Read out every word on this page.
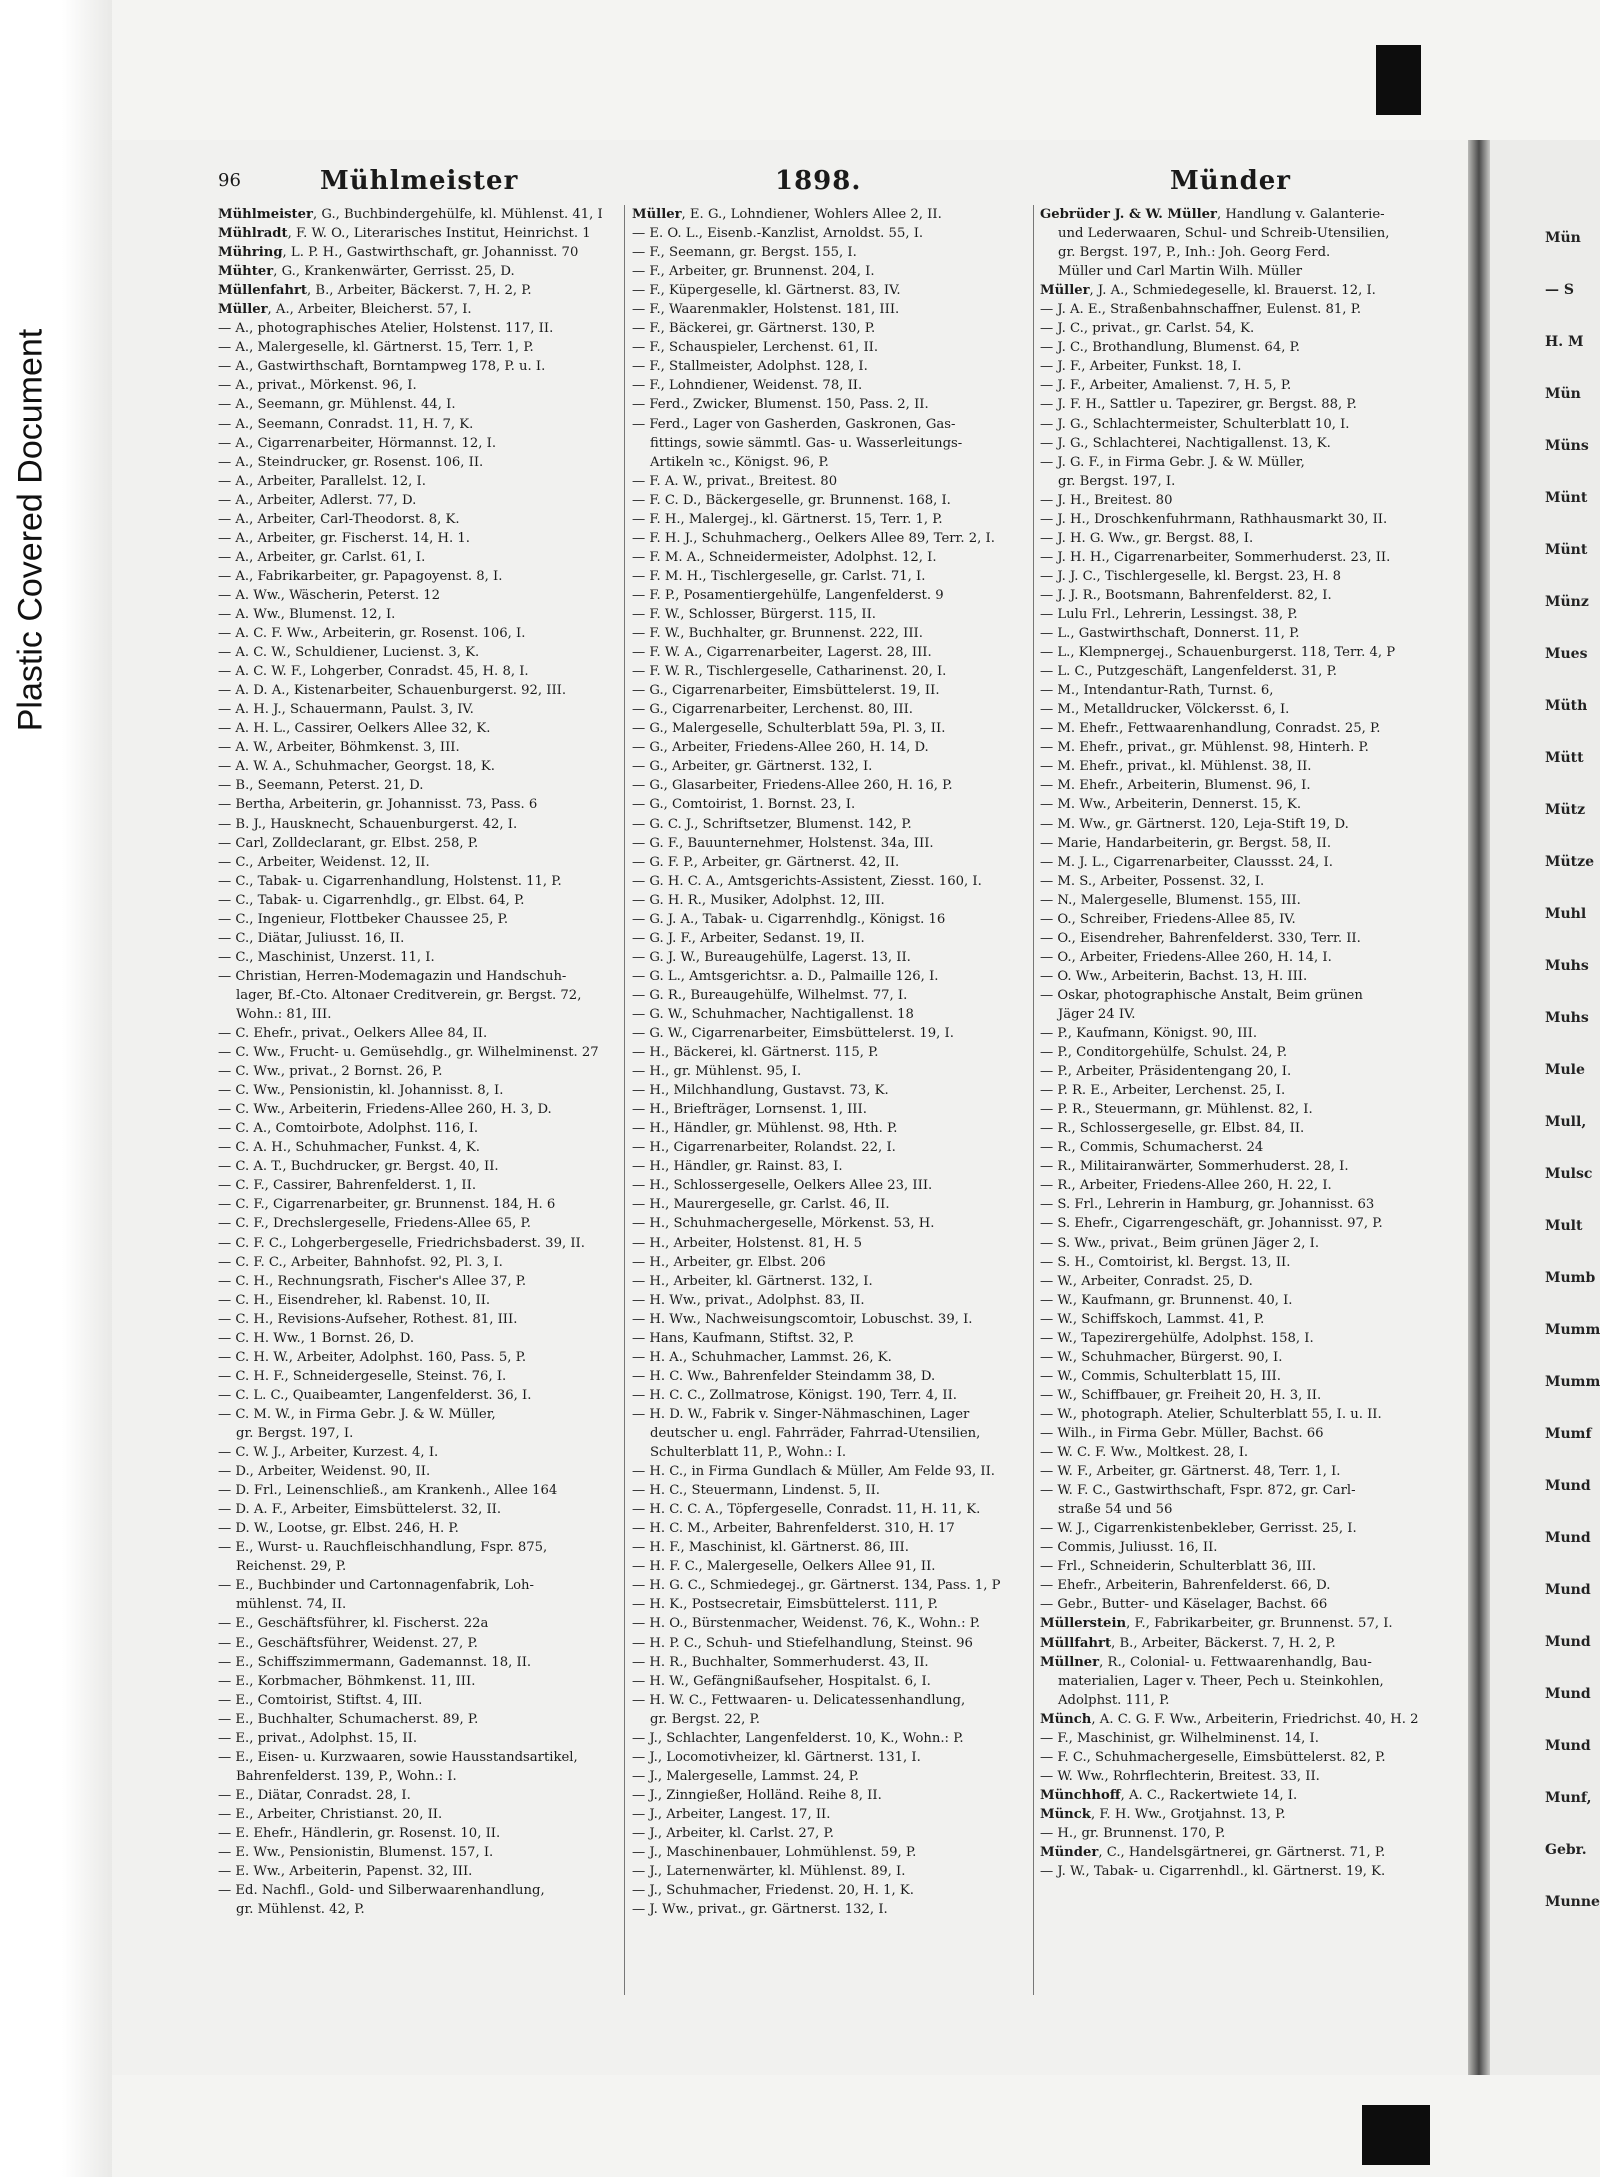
Plastic Covered Document
96	Mühlmeister	1898.	Münder
Mühlmeister, G., Buchbindergehülfe, kl. Mühlenst. 41, I
Mühlradt, F. W. O., Literarisches Institut, Heinrichst. 1
Mühring, L. P. H., Gastwirthschaft, gr. Johannisst. 70
Mühter, G., Krankenwärter, Gerrisst. 25, D.
Müllenfahrt, B., Arbeiter, Bäckerst. 7, H. 2, P.
Müller, A., Arbeiter, Bleicherst. 57, I.
— A., photographisches Atelier, Holstenst. 117, II.
— A., Malergeselle, kl. Gärtnerst. 15, Terr. 1, P.
— A., Gastwirthschaft, Borntampweg 178, P. u. I.
— A., privat., Mörkenst. 96, I.
— A., Seemann, gr. Mühlenst. 44, I.
— A., Seemann, Conradst. 11, H. 7, K.
— A., Cigarrenarbeiter, Hörmannst. 12, I.
— A., Steindrucker, gr. Rosenst. 106, II.
— A., Arbeiter, Parallelst. 12, I.
— A., Arbeiter, Adlerst. 77, D.
— A., Arbeiter, Carl-Theodorst. 8, K.
— A., Arbeiter, gr. Fischerst. 14, H. 1.
— A., Arbeiter, gr. Carlst. 61, I.
— A., Fabrikarbeiter, gr. Papagoyenst. 8, I.
— A. Ww., Wäscherin, Peterst. 12
— A. Ww., Blumenst. 12, I.
— A. C. F. Ww., Arbeiterin, gr. Rosenst. 106, I.
— A. C. W., Schuldiener, Lucienst. 3, K.
— A. C. W. F., Lohgerber, Conradst. 45, H. 8, I.
— A. D. A., Kistenarbeiter, Schauenburgerst. 92, III.
— A. H. J., Schauermann, Paulst. 3, IV.
— A. H. L., Cassirer, Oelkers Allee 32, K.
— A. W., Arbeiter, Böhmkenst. 3, III.
— A. W. A., Schuhmacher, Georgst. 18, K.
— B., Seemann, Peterst. 21, D.
— Bertha, Arbeiterin, gr. Johannisst. 73, Pass. 6
— B. J., Hausknecht, Schauenburgerst. 42, I.
— Carl, Zolldeclarant, gr. Elbst. 258, P.
— C., Arbeiter, Weidenst. 12, II.
— C., Tabak- u. Cigarrenhandlung, Holstenst. 11, P.
— C., Tabak- u. Cigarrenhdlg., gr. Elbst. 64, P.
— C., Ingenieur, Flottbeker Chaussee 25, P.
— C., Diätar, Juliusst. 16, II.
— C., Maschinist, Unzerst. 11, I.
— Christian, Herren-Modemagazin und Handschuh-
lager, Bf.-Cto. Altonaer Creditverein, gr. Bergst. 72,
Wohn.: 81, III.
— C. Ehefr., privat., Oelkers Allee 84, II.
— C. Ww., Frucht- u. Gemüsehdlg., gr. Wilhelminenst. 27
— C. Ww., privat., 2 Bornst. 26, P.
— C. Ww., Pensionistin, kl. Johannisst. 8, I.
— C. Ww., Arbeiterin, Friedens-Allee 260, H. 3, D.
— C. A., Comtoirbote, Adolphst. 116, I.
— C. A. H., Schuhmacher, Funkst. 4, K.
— C. A. T., Buchdrucker, gr. Bergst. 40, II.
— C. F., Cassirer, Bahrenfelderst. 1, II.
— C. F., Cigarrenarbeiter, gr. Brunnenst. 184, H. 6
— C. F., Drechslergeselle, Friedens-Allee 65, P.
— C. F. C., Lohgerbergeselle, Friedrichsbaderst. 39, II.
— C. F. C., Arbeiter, Bahnhofst. 92, Pl. 3, I.
— C. H., Rechnungsrath, Fischer's Allee 37, P.
— C. H., Eisendreher, kl. Rabenst. 10, II.
— C. H., Revisions-Aufseher, Rothest. 81, III.
— C. H. Ww., 1 Bornst. 26, D.
— C. H. W., Arbeiter, Adolphst. 160, Pass. 5, P.
— C. H. F., Schneidergeselle, Steinst. 76, I.
— C. L. C., Quaibeamter, Langenfelderst. 36, I.
— C. M. W., in Firma Gebr. J. & W. Müller,
gr. Bergst. 197, I.
— C. W. J., Arbeiter, Kurzest. 4, I.
— D., Arbeiter, Weidenst. 90, II.
— D. Frl., Leinenschließ., am Krankenh., Allee 164
— D. A. F., Arbeiter, Eimsbüttelerst. 32, II.
— D. W., Lootse, gr. Elbst. 246, H. P.
— E., Wurst- u. Rauchfleischhandlung, Fspr. 875,
Reichenst. 29, P.
— E., Buchbinder und Cartonnagenfabrik, Loh-
mühlenst. 74, II.
— E., Geschäftsführer, kl. Fischerst. 22a
— E., Geschäftsführer, Weidenst. 27, P.
— E., Schiffszimmermann, Gademannst. 18, II.
— E., Korbmacher, Böhmkenst. 11, III.
— E., Comtoirist, Stiftst. 4, III.
— E., Buchhalter, Schumacherst. 89, P.
— E., privat., Adolphst. 15, II.
— E., Eisen- u. Kurzwaaren, sowie Hausstandsartikel,
Bahrenfelderst. 139, P., Wohn.: I.
— E., Diätar, Conradst. 28, I.
— E., Arbeiter, Christianst. 20, II.
— E. Ehefr., Händlerin, gr. Rosenst. 10, II.
— E. Ww., Pensionistin, Blumenst. 157, I.
— E. Ww., Arbeiterin, Papenst. 32, III.
— Ed. Nachfl., Gold- und Silberwaarenhandlung,
gr. Mühlenst. 42, P.
Müller, E. G., Lohndiener, Wohlers Allee 2, II.
— E. O. L., Eisenb.-Kanzlist, Arnoldst. 55, I.
— F., Seemann, gr. Bergst. 155, I.
— F., Arbeiter, gr. Brunnenst. 204, I.
— F., Küpergeselle, kl. Gärtnerst. 83, IV.
— F., Waarenmakler, Holstenst. 181, III.
— F., Bäckerei, gr. Gärtnerst. 130, P.
— F., Schauspieler, Lerchenst. 61, II.
— F., Stallmeister, Adolphst. 128, I.
— F., Lohndiener, Weidenst. 78, II.
— Ferd., Zwicker, Blumenst. 150, Pass. 2, II.
— Ferd., Lager von Gasherden, Gaskronen, Gas-
fittings, sowie sämmtl. Gas- u. Wasserleitungs-
Artikeln ꝛc., Königst. 96, P.
— F. A. W., privat., Breitest. 80
— F. C. D., Bäckergeselle, gr. Brunnenst. 168, I.
— F. H., Malergej., kl. Gärtnerst. 15, Terr. 1, P.
— F. H. J., Schuhmacherg., Oelkers Allee 89, Terr. 2, I.
— F. M. A., Schneidermeister, Adolphst. 12, I.
— F. M. H., Tischlergeselle, gr. Carlst. 71, I.
— F. P., Posamentiergehülfe, Langenfelderst. 9
— F. W., Schlosser, Bürgerst. 115, II.
— F. W., Buchhalter, gr. Brunnenst. 222, III.
— F. W. A., Cigarrenarbeiter, Lagerst. 28, III.
— F. W. R., Tischlergeselle, Catharinenst. 20, I.
— G., Cigarrenarbeiter, Eimsbüttelerst. 19, II.
— G., Cigarrenarbeiter, Lerchenst. 80, III.
— G., Malergeselle, Schulterblatt 59a, Pl. 3, II.
— G., Arbeiter, Friedens-Allee 260, H. 14, D.
— G., Arbeiter, gr. Gärtnerst. 132, I.
— G., Glasarbeiter, Friedens-Allee 260, H. 16, P.
— G., Comtoirist, 1. Bornst. 23, I.
— G. C. J., Schriftsetzer, Blumenst. 142, P.
— G. F., Bauunternehmer, Holstenst. 34a, III.
— G. F. P., Arbeiter, gr. Gärtnerst. 42, II.
— G. H. C. A., Amtsgerichts-Assistent, Ziesst. 160, I.
— G. H. R., Musiker, Adolphst. 12, III.
— G. J. A., Tabak- u. Cigarrenhdlg., Königst. 16
— G. J. F., Arbeiter, Sedanst. 19, II.
— G. J. W., Bureaugehülfe, Lagerst. 13, II.
— G. L., Amtsgerichtsr. a. D., Palmaille 126, I.
— G. R., Bureaugehülfe, Wilhelmst. 77, I.
— G. W., Schuhmacher, Nachtigallenst. 18
— G. W., Cigarrenarbeiter, Eimsbüttelerst. 19, I.
— H., Bäckerei, kl. Gärtnerst. 115, P.
— H., gr. Mühlenst. 95, I.
— H., Milchhandlung, Gustavst. 73, K.
— H., Briefträger, Lornsenst. 1, III.
— H., Händler, gr. Mühlenst. 98, Hth. P.
— H., Cigarrenarbeiter, Rolandst. 22, I.
— H., Händler, gr. Rainst. 83, I.
— H., Schlossergeselle, Oelkers Allee 23, III.
— H., Maurergeselle, gr. Carlst. 46, II.
— H., Schuhmachergeselle, Mörkenst. 53, H.
— H., Arbeiter, Holstenst. 81, H. 5
— H., Arbeiter, gr. Elbst. 206
— H., Arbeiter, kl. Gärtnerst. 132, I.
— H. Ww., privat., Adolphst. 83, II.
— H. Ww., Nachweisungscomtoir, Lobuschst. 39, I.
— Hans, Kaufmann, Stiftst. 32, P.
— H. A., Schuhmacher, Lammst. 26, K.
— H. C. Ww., Bahrenfelder Steindamm 38, D.
— H. C. C., Zollmatrose, Königst. 190, Terr. 4, II.
— H. D. W., Fabrik v. Singer-Nähmaschinen, Lager
deutscher u. engl. Fahrräder, Fahrrad-Utensilien,
Schulterblatt 11, P., Wohn.: I.
— H. C., in Firma Gundlach & Müller, Am Felde 93, II.
— H. C., Steuermann, Lindenst. 5, II.
— H. C. C. A., Töpfergeselle, Conradst. 11, H. 11, K.
— H. C. M., Arbeiter, Bahrenfelderst. 310, H. 17
— H. F., Maschinist, kl. Gärtnerst. 86, III.
— H. F. C., Malergeselle, Oelkers Allee 91, II.
— H. G. C., Schmiedegej., gr. Gärtnerst. 134, Pass. 1, P
— H. K., Postsecretair, Eimsbüttelerst. 111, P.
— H. O., Bürstenmacher, Weidenst. 76, K., Wohn.: P.
— H. P. C., Schuh- und Stiefelhandlung, Steinst. 96
— H. R., Buchhalter, Sommerhuderst. 43, II.
— H. W., Gefängnißaufseher, Hospitalst. 6, I.
— H. W. C., Fettwaaren- u. Delicatessenhandlung,
gr. Bergst. 22, P.
— J., Schlachter, Langenfelderst. 10, K., Wohn.: P.
— J., Locomotivheizer, kl. Gärtnerst. 131, I.
— J., Malergeselle, Lammst. 24, P.
— J., Zinngießer, Holländ. Reihe 8, II.
— J., Arbeiter, Langest. 17, II.
— J., Arbeiter, kl. Carlst. 27, P.
— J., Maschinenbauer, Lohmühlenst. 59, P.
— J., Laternenwärter, kl. Mühlenst. 89, I.
— J., Schuhmacher, Friedenst. 20, H. 1, K.
— J. Ww., privat., gr. Gärtnerst. 132, I.
Gebrüder J. & W. Müller, Handlung v. Galanterie-
und Lederwaaren, Schul- und Schreib-Utensilien,
gr. Bergst. 197, P., Inh.: Joh. Georg Ferd.
Müller und Carl Martin Wilh. Müller
Müller, J. A., Schmiedegeselle, kl. Brauerst. 12, I.
— J. A. E., Straßenbahnschaffner, Eulenst. 81, P.
— J. C., privat., gr. Carlst. 54, K.
— J. C., Brothandlung, Blumenst. 64, P.
— J. F., Arbeiter, Funkst. 18, I.
— J. F., Arbeiter, Amalienst. 7, H. 5, P.
— J. F. H., Sattler u. Tapezirer, gr. Bergst. 88, P.
— J. G., Schlachtermeister, Schulterblatt 10, I.
— J. G., Schlachterei, Nachtigallenst. 13, K.
— J. G. F., in Firma Gebr. J. & W. Müller,
gr. Bergst. 197, I.
— J. H., Breitest. 80
— J. H., Droschkenfuhrmann, Rathhausmarkt 30, II.
— J. H. G. Ww., gr. Bergst. 88, I.
— J. H. H., Cigarrenarbeiter, Sommerhuderst. 23, II.
— J. J. C., Tischlergeselle, kl. Bergst. 23, H. 8
— J. J. R., Bootsmann, Bahrenfelderst. 82, I.
— Lulu Frl., Lehrerin, Lessingst. 38, P.
— L., Gastwirthschaft, Donnerst. 11, P.
— L., Klempnergej., Schauenburgerst. 118, Terr. 4, P
— L. C., Putzgeschäft, Langenfelderst. 31, P.
— M., Intendantur-Rath, Turnst. 6,
— M., Metalldrucker, Völckersst. 6, I.
— M. Ehefr., Fettwaarenhandlung, Conradst. 25, P.
— M. Ehefr., privat., gr. Mühlenst. 98, Hinterh. P.
— M. Ehefr., privat., kl. Mühlenst. 38, II.
— M. Ehefr., Arbeiterin, Blumenst. 96, I.
— M. Ww., Arbeiterin, Dennerst. 15, K.
— M. Ww., gr. Gärtnerst. 120, Leja-Stift 19, D.
— Marie, Handarbeiterin, gr. Bergst. 58, II.
— M. J. L., Cigarrenarbeiter, Claussst. 24, I.
— M. S., Arbeiter, Possenst. 32, I.
— N., Malergeselle, Blumenst. 155, III.
— O., Schreiber, Friedens-Allee 85, IV.
— O., Eisendreher, Bahrenfelderst. 330, Terr. II.
— O., Arbeiter, Friedens-Allee 260, H. 14, I.
— O. Ww., Arbeiterin, Bachst. 13, H. III.
— Oskar, photographische Anstalt, Beim grünen
Jäger 24 IV.
— P., Kaufmann, Königst. 90, III.
— P., Conditorgehülfe, Schulst. 24, P.
— P., Arbeiter, Präsidentengang 20, I.
— P. R. E., Arbeiter, Lerchenst. 25, I.
— P. R., Steuermann, gr. Mühlenst. 82, I.
— R., Schlossergeselle, gr. Elbst. 84, II.
— R., Commis, Schumacherst. 24
— R., Militairanwärter, Sommerhuderst. 28, I.
— R., Arbeiter, Friedens-Allee 260, H. 22, I.
— S. Frl., Lehrerin in Hamburg, gr. Johannisst. 63
— S. Ehefr., Cigarrengeschäft, gr. Johannisst. 97, P.
— S. Ww., privat., Beim grünen Jäger 2, I.
— S. H., Comtoirist, kl. Bergst. 13, II.
— W., Arbeiter, Conradst. 25, D.
— W., Kaufmann, gr. Brunnenst. 40, I.
— W., Schiffskoch, Lammst. 41, P.
— W., Tapezirergehülfe, Adolphst. 158, I.
— W., Schuhmacher, Bürgerst. 90, I.
— W., Commis, Schulterblatt 15, III.
— W., Schiffbauer, gr. Freiheit 20, H. 3, II.
— W., photograph. Atelier, Schulterblatt 55, I. u. II.
— Wilh., in Firma Gebr. Müller, Bachst. 66
— W. C. F. Ww., Moltkest. 28, I.
— W. F., Arbeiter, gr. Gärtnerst. 48, Terr. 1, I.
— W. F. C., Gastwirthschaft, Fspr. 872, gr. Carl-
straße 54 und 56
— W. J., Cigarrenkistenbekleber, Gerrisst. 25, I.
— Commis, Juliusst. 16, II.
— Frl., Schneiderin, Schulterblatt 36, III.
— Ehefr., Arbeiterin, Bahrenfelderst. 66, D.
— Gebr., Butter- und Käselager, Bachst. 66
Müllerstein, F., Fabrikarbeiter, gr. Brunnenst. 57, I.
Müllfahrt, B., Arbeiter, Bäckerst. 7, H. 2, P.
Müllner, R., Colonial- u. Fettwaarenhandlg, Bau-
materialien, Lager v. Theer, Pech u. Steinkohlen,
Adolphst. 111, P.
Münch, A. C. G. F. Ww., Arbeiterin, Friedrichst. 40, H. 2
— F., Maschinist, gr. Wilhelminenst. 14, I.
— F. C., Schuhmachergeselle, Eimsbüttelerst. 82, P.
— W. Ww., Rohrflechterin, Breitest. 33, II.
Münchhoff, A. C., Rackertwiete 14, I.
Münck, F. H. Ww., Grotjahnst. 13, P.
— H., gr. Brunnenst. 170, P.
Münder, C., Handelsgärtnerei, gr. Gärtnerst. 71, P.
— J. W., Tabak- u. Cigarrenhdl., kl. Gärtnerst. 19, K.
Mün
— S
H. M
Mün
Müns
Münt
Münt
Münz
Mues
Müth
Mütt
Mütz
Mütze
Muhl
Muhs
Muhs
Mule
Mull,
Mulsc
Mult
Mumb
Mumm
Mumm
Mumf
Mund
Mund
Mund
Mund
Mund
Mund
Munf,
Gebr.
Munne
